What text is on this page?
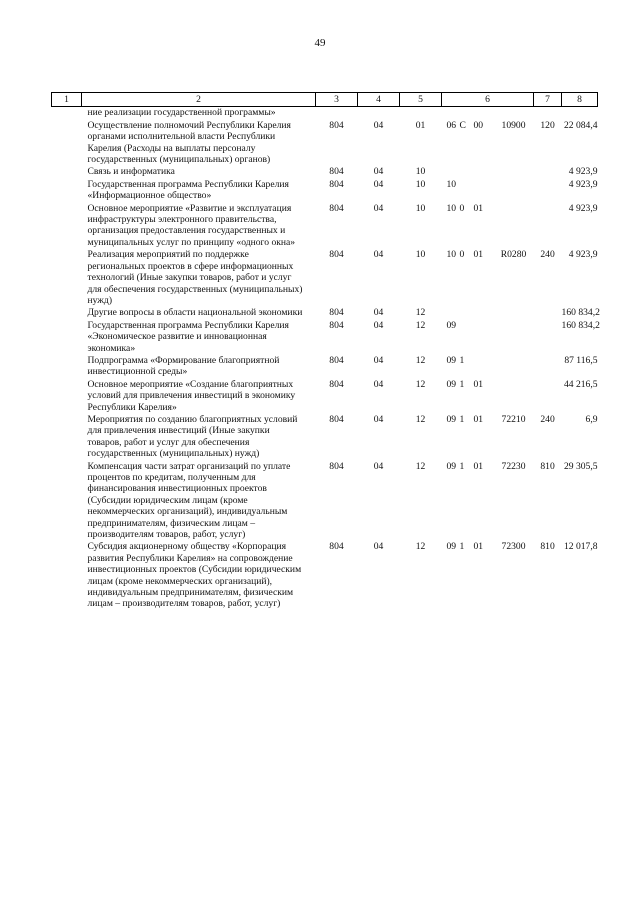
49
1	2	3	4	5	6				7	8
	ние реализации государственной программы»									
	Осуществление полномочий Республики Карелия органами исполнительной власти Республики Карелия (Расходы на выплаты персоналу государственных (муниципальных) органов)	804	04	01	06	С	00	10900	120	22 084,4
	Связь и информатика	804	04	10						4 923,9
	Государственная программа Республики Карелия «Информационное общество»	804	04	10	10					4 923,9
	Основное мероприятие «Развитие и эксплуатация инфраструктуры электронного правительства, организация предоставления государственных и муниципальных услуг по принципу «одного окна»	804	04	10	10	0	01			4 923,9
	Реализация мероприятий по поддержке региональных проектов в сфере информационных технологий (Иные закупки товаров, работ и услуг для обеспечения государственных (муниципальных) нужд)	804	04	10	10	0	01	R0280	240	4 923,9
	Другие вопросы в области национальной экономики	804	04	12						160 834,2
	Государственная программа Республики Карелия «Экономическое развитие и инновационная экономика»	804	04	12	09					160 834,2
	Подпрограмма «Формирование благоприятной инвестиционной среды»	804	04	12	09	1				87 116,5
	Основное мероприятие «Создание благоприятных условий для привлечения инвестиций в экономику Республики Карелия»	804	04	12	09	1	01			44 216,5
	Мероприятия по созданию благоприятных условий для привлечения инвестиций (Иные закупки товаров, работ и услуг для обеспечения государственных (муниципальных) нужд)	804	04	12	09	1	01	72210	240	6,9
	Компенсация части затрат организаций по уплате процентов по кредитам, полученным для финансирования инвестиционных проектов (Субсидии юридическим лицам (кроме некоммерческих организаций), индивидуальным предпринимателям, физическим лицам – производителям товаров, работ, услуг)	804	04	12	09	1	01	72230	810	29 305,5
	Субсидия акционерному обществу «Корпорация развития Республики Карелия» на сопровождение инвестиционных проектов (Субсидии юридическим лицам (кроме некоммерческих организаций), индивидуальным предпринимателям, физическим лицам – производителям товаров, работ, услуг)	804	04	12	09	1	01	72300	810	12 017,8
